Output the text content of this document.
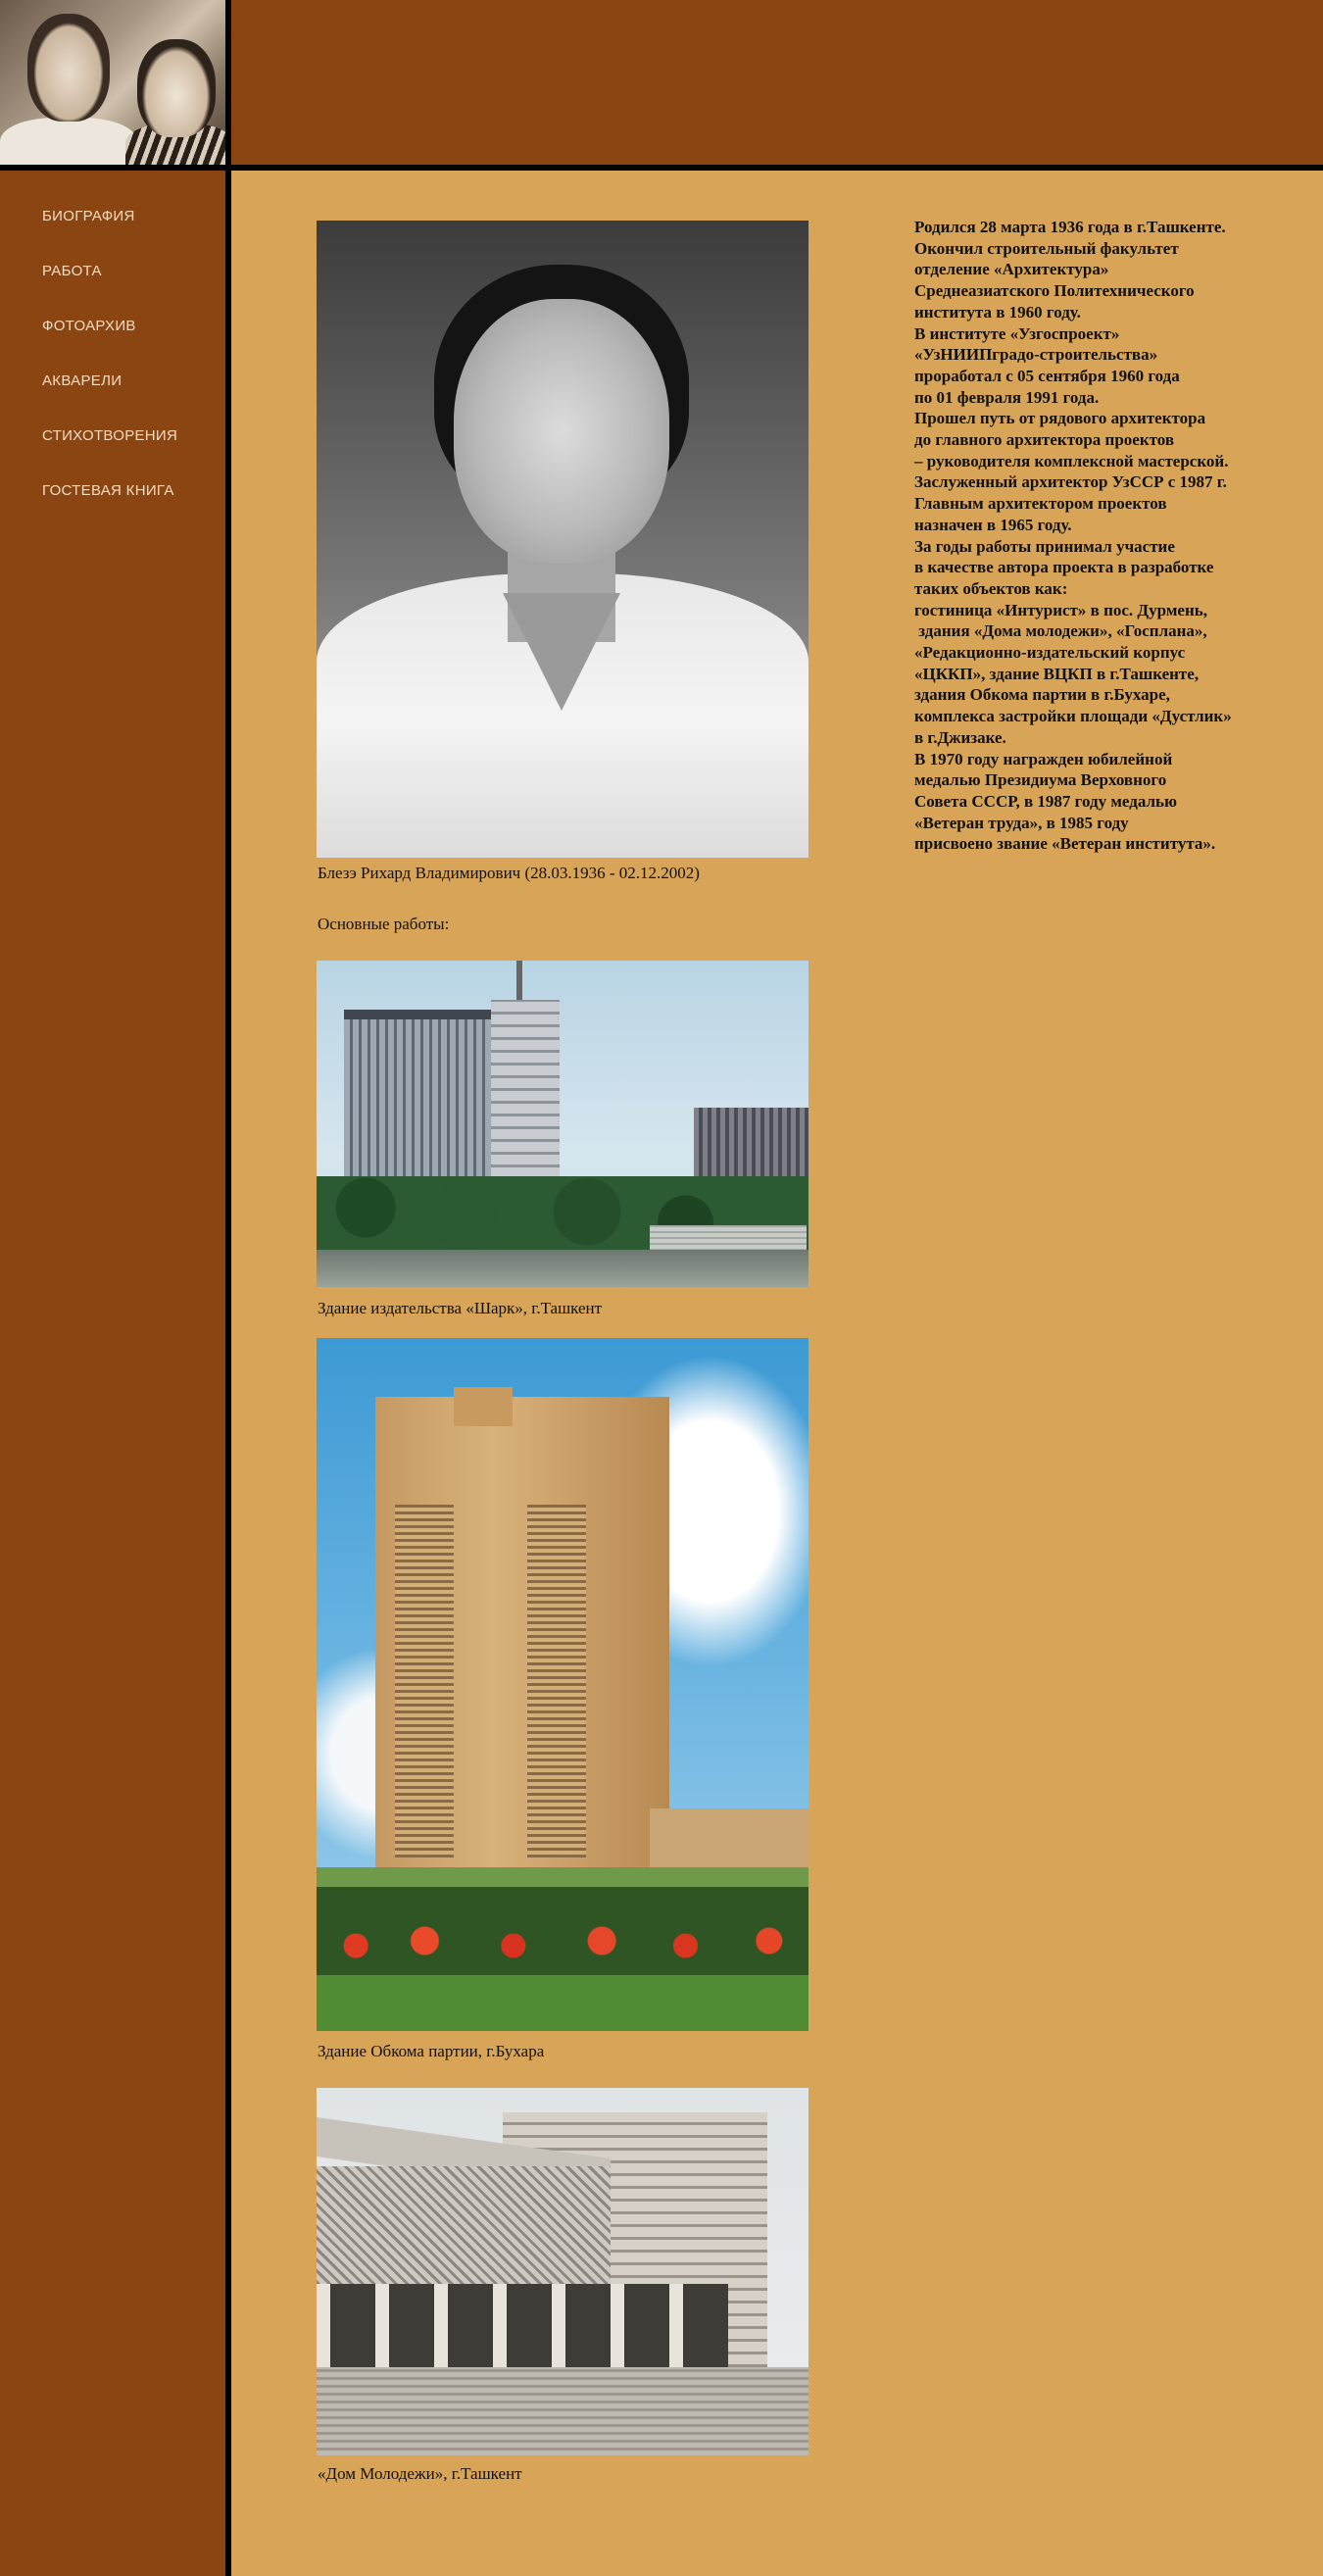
БИОГРАФИЯ
РАБОТА
ФОТОАРХИВ
АКВАРЕЛИ
СТИХОТВОРЕНИЯ
ГОСТЕВАЯ КНИГА
Блезэ Рихард Владимирович (28.03.1936 - 02.12.2002)
Основные работы:
Здание издательства «Шарк», г.Ташкент
Здание Обкома партии, г.Бухара
«Дом Молодежи», г.Ташкент

Родился 28 марта 1936 года в г.Ташкенте.

Окончил строительный факультет

отделение «Архитектура»

Среднеазиатского Политехнического

института в 1960 году.

В институте «Узгоспроект»

«УзНИИПградо-строительства»

проработал с 05 сентября 1960 года

по 01 февраля 1991 года.

Прошел путь от рядового архитектора

до главного архитектора проектов

– руководителя комплексной мастерской.

Заслуженный архитектор УзССР с 1987 г.

Главным архитектором проектов

назначен в 1965 году.

За годы работы принимал участие

в качестве автора проекта в разработке

таких объектов как:

гостиница «Интурист» в пос. Дурмень,

здания «Дома молодежи», «Госплана»,

«Редакционно-издательский корпус

«ЦККП», здание ВЦКП в г.Ташкенте,

здания Обкома партии в г.Бухаре,

комплекса застройки площади «Дустлик»

в г.Джизаке.

В 1970 году награжден юбилейной

медалью Президиума Верховного

Совета СССР, в 1987 году медалью

«Ветеран труда», в 1985 году

присвоено звание «Ветеран института».
